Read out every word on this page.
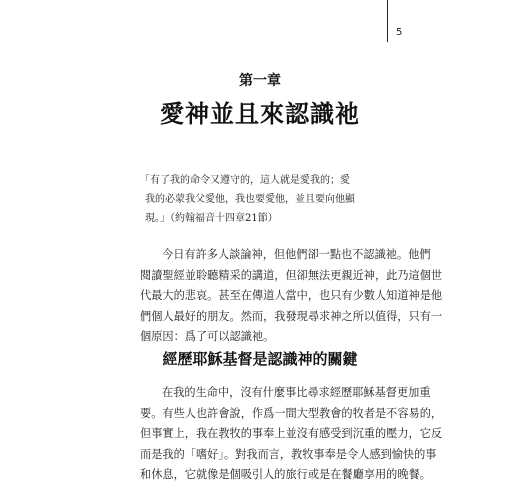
5
第一章
愛神並且來認識祂

「有了我的命令又遵守的，這人就是愛我的；愛

我的必蒙我父愛他，我也要愛他，並且要向他顯

現。」（約翰福音十四章21節）

今日有許多人談論神，但他們卻一點也不認識祂。他們
閱讀聖經並聆聽精采的講道，但卻無法更親近神，此乃這個世
代最大的悲哀。甚至在傳道人當中，也只有少數人知道神是他
們個人最好的朋友。然而，我發現尋求神之所以值得，只有一
個原因：爲了可以認識祂。
經歷耶穌基督是認識神的關鍵
在我的生命中，沒有什麼事比尋求經歷耶穌基督更加重
要。有些人也許會說，作爲一間大型教會的牧者是不容易的，
但事實上，我在教牧的事奉上並沒有感受到沉重的壓力，它反
而是我的「嗜好」。對我而言，教牧事奉是令人感到愉快的事
和休息，它就像是個吸引人的旅行或是在餐廳享用的晚餐。
